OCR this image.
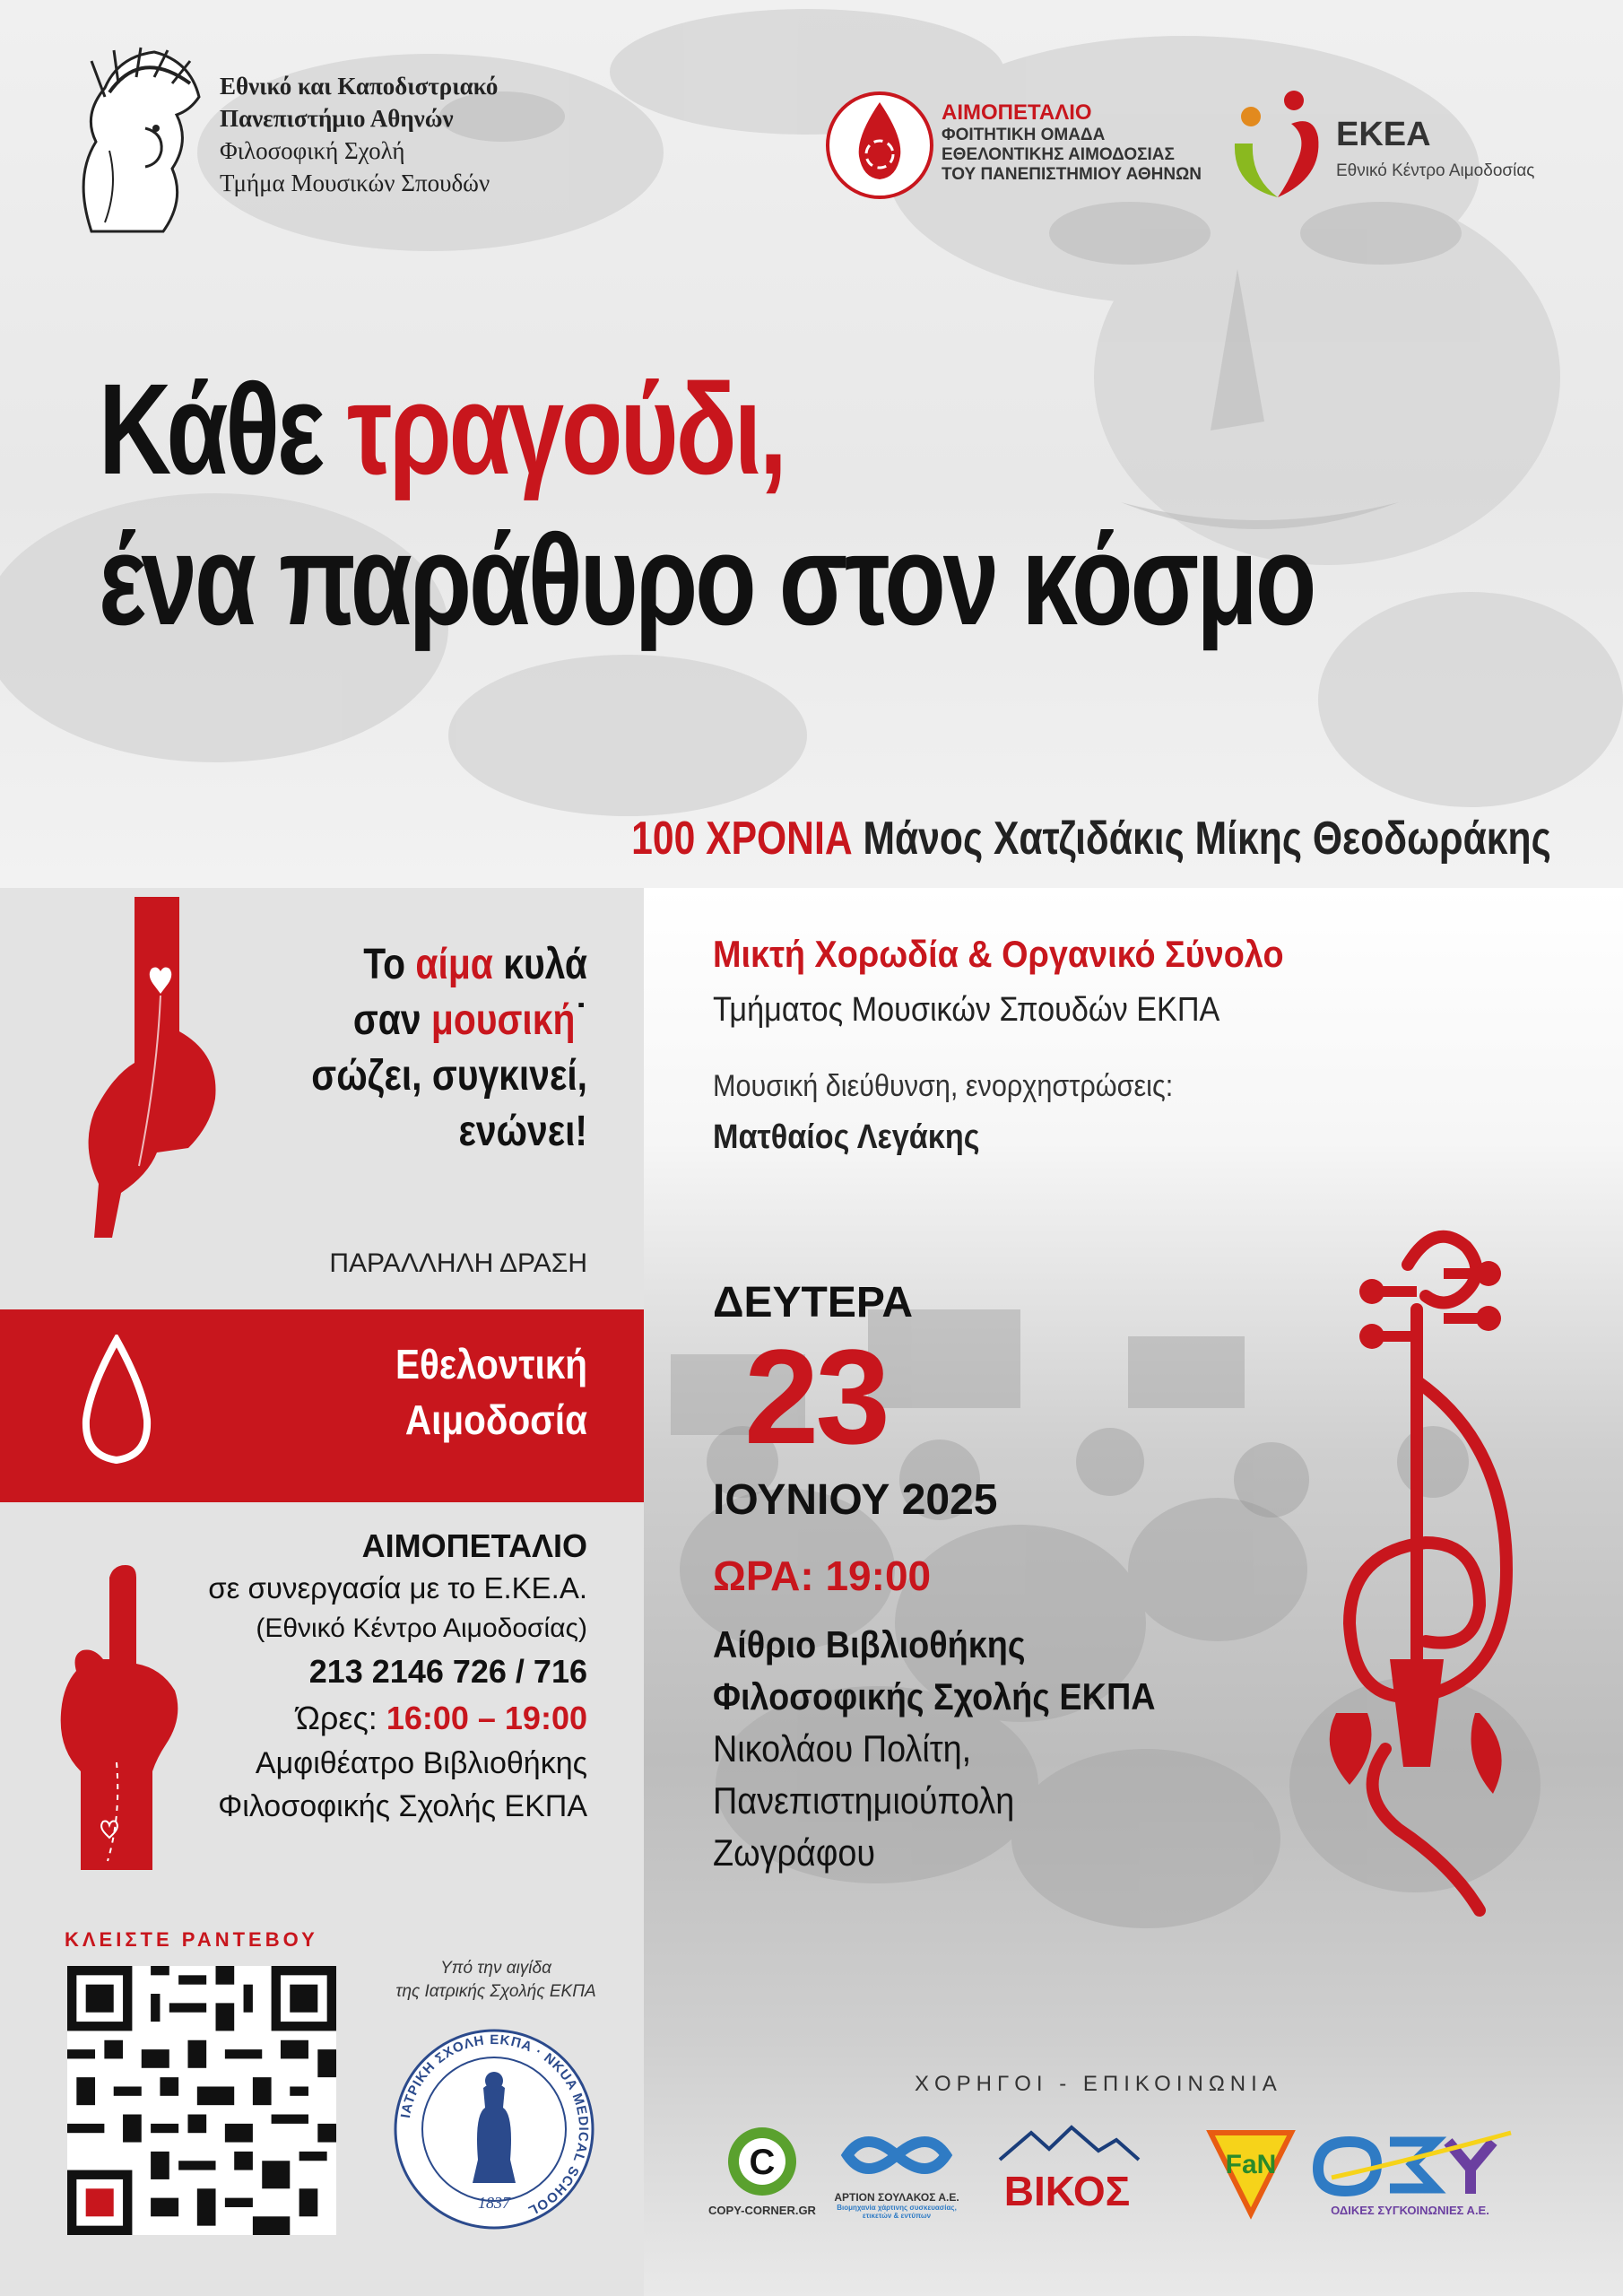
Εθνικό και Καποδιστριακό
Πανεπιστήμιο Αθηνών
Φιλοσοφική Σχολή
Τμήμα Μουσικών Σπουδών
ΑΙΜΟΠΕΤΑΛΙΟ
ΦΟΙΤΗΤΙΚΗ ΟΜΑΔΑ
ΕΘΕΛΟΝΤΙΚΗΣ ΑΙΜΟΔΟΣΙΑΣ
ΤΟΥ ΠΑΝΕΠΙΣΤΗΜΙΟΥ ΑΘΗΝΩΝ
ΕΚΕΑ
Εθνικό Κέντρο Αιμοδοσίας
Κάθε τραγούδι,
ένα παράθυρο στον κόσμο
100 ΧΡΟΝΙΑ Μάνος Χατζιδάκις Μίκης Θεοδωράκης
Το αίμα κυλά
σαν μουσική˙
σώζει, συγκινεί,
ενώνει!
ΠΑΡΑΛΛΗΛΗ ΔΡΑΣΗ
Εθελοντική
Αιμοδοσία
ΑΙΜΟΠΕΤΑΛΙΟ
σε συνεργασία με το Ε.ΚΕ.Α.
(Εθνικό Κέντρο Αιμοδοσίας)
213 2146 726 / 716
Ώρες: 16:00 – 19:00
Αμφιθέατρο Βιβλιοθήκης
Φιλοσοφικής Σχολής ΕΚΠΑ
ΚΛΕΙΣΤΕ ΡΑΝΤΕΒΟΥ
Υπό την αιγίδα
της Ιατρικής Σχολής ΕΚΠΑ
ΙΑΤΡΙΚΗ ΣΧΟΛΗ ΕΚΠΑ · NKUA MEDICAL SCHOOL
1837
Μικτή Χορωδία & Οργανικό Σύνολο
Τμήματος Μουσικών Σπουδών ΕΚΠΑ
Μουσική διεύθυνση, ενορχηστρώσεις:
Ματθαίος Λεγάκης
ΔΕΥΤΕΡΑ
23
ΙΟΥΝΙΟΥ 2025
ΩΡΑ: 19:00
Αίθριο Βιβλιοθήκης
Φιλοσοφικής Σχολής ΕΚΠΑ
Νικολάου Πολίτη,
Πανεπιστημιούπολη
Ζωγράφου
ΧΟΡΗΓΟΙ - ΕΠΙΚΟΙΝΩΝΙΑ
C
COPY-CORNER.GR
ΑΡΤΙΟΝ ΣΟΥΛΑΚΟΣ Α.Ε.
Βιομηχανία χάρτινης συσκευασίας, ετικετών & εντύπων
ΒΙΚΟΣ
FaN
ΟΔΙΚΕΣ ΣΥΓΚΟΙΝΩΝΙΕΣ Α.Ε.
